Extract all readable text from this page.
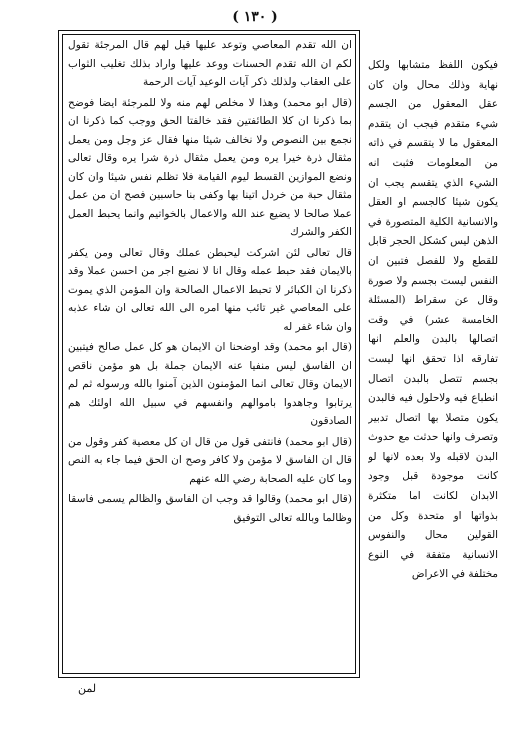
( ١٣٠ )

ان الله تقدم المعاصي وتوعد عليها قيل لهم قال المرجئة تقول لكم ان الله تقدم الحسنات ووعد عليها واراد بذلك تغليب الثواب على العقاب ولذلك ذكر آيات الوعيد آيات الرحمة

(قال ابو محمد) وهذا لا مخلص لهم منه ولا للمرجئة ايضا فوضح بما ذكرنا ان كلا الطائفتين فقد خالفتا الحق ووجب كما ذكرنا ان نجمع بين النصوص ولا نخالف شيئا منها فقال عز وجل ومن يعمل مثقال ذرة خيرا يره ومن يعمل مثقال ذرة شرا يره وقال تعالى ونضع الموازين القسط ليوم القيامة فلا تظلم نفس شيئا وان كان مثقال حبة من خردل اتينا بها وكفى بنا حاسبين فصح ان من عمل عملا صالحا لا يضيع عند الله والاعمال بالخواتيم وانما يحبط العمل الكفر والشرك

قال تعالى لئن اشركت ليحبطن عملك وقال تعالى ومن يكفر بالايمان فقد حبط عمله وقال انا لا نضيع اجر من احسن عملا وقد ذكرنا ان الكبائر لا تحبط الاعمال الصالحة وان المؤمن الذي يموت على المعاصي غير تائب منها امره الى الله تعالى ان شاء عذبه وان شاء غفر له

(قال ابو محمد) وقد اوضحنا ان الايمان هو كل عمل صالح فيتبين ان الفاسق ليس منفيا عنه الايمان جملة بل هو مؤمن ناقص الايمان وقال تعالى انما المؤمنون الذين آمنوا بالله ورسوله ثم لم يرتابوا وجاهدوا باموالهم وانفسهم في سبيل الله اولئك هم الصادقون

(قال ابو محمد) فانتفى قول من قال ان كل معصية كفر وقول من قال ان الفاسق لا مؤمن ولا كافر وصح ان الحق فيما جاء به النص وما كان عليه الصحابة رضي الله عنهم

(قال ابو محمد) وقالوا قد وجب ان الفاسق والظالم يسمى فاسقا وظالما وبالله تعالى التوفيق

فيكون اللفظ متشابها ولكل نهاية وذلك محال وان كان عقل المعقول من الجسم شيء متقدم فيجب ان يتقدم المعقول ما لا يتقسم في ذاته من المعلومات فثبت انه الشيء الذي يتقسم يجب ان يكون شيئا كالجسم او العقل والانسانية الكلية المتصورة في الذهن ليس كشكل الحجر قابل للقطع ولا للفصل فتبين ان النفس ليست بجسم ولا صورة وقال عن سقراط (المسئلة الخامسة عشر) في وقت اتصالها بالبدن والعلم انها تفارقه اذا تحقق انها ليست بجسم تتصل بالبدن اتصال انطباع فيه ولاحلول فيه فالبدن يكون متصلا بها اتصال تدبير وتصرف وانها حدثت مع حدوث البدن لاقبله ولا بعده لانها لو كانت موجودة قبل وجود الابدان لكانت اما متكثرة بذواتها او متحدة وكل من القولين محال والنفوس الانسانية متفقة في النوع مختلفة في الاعراض
لمن
